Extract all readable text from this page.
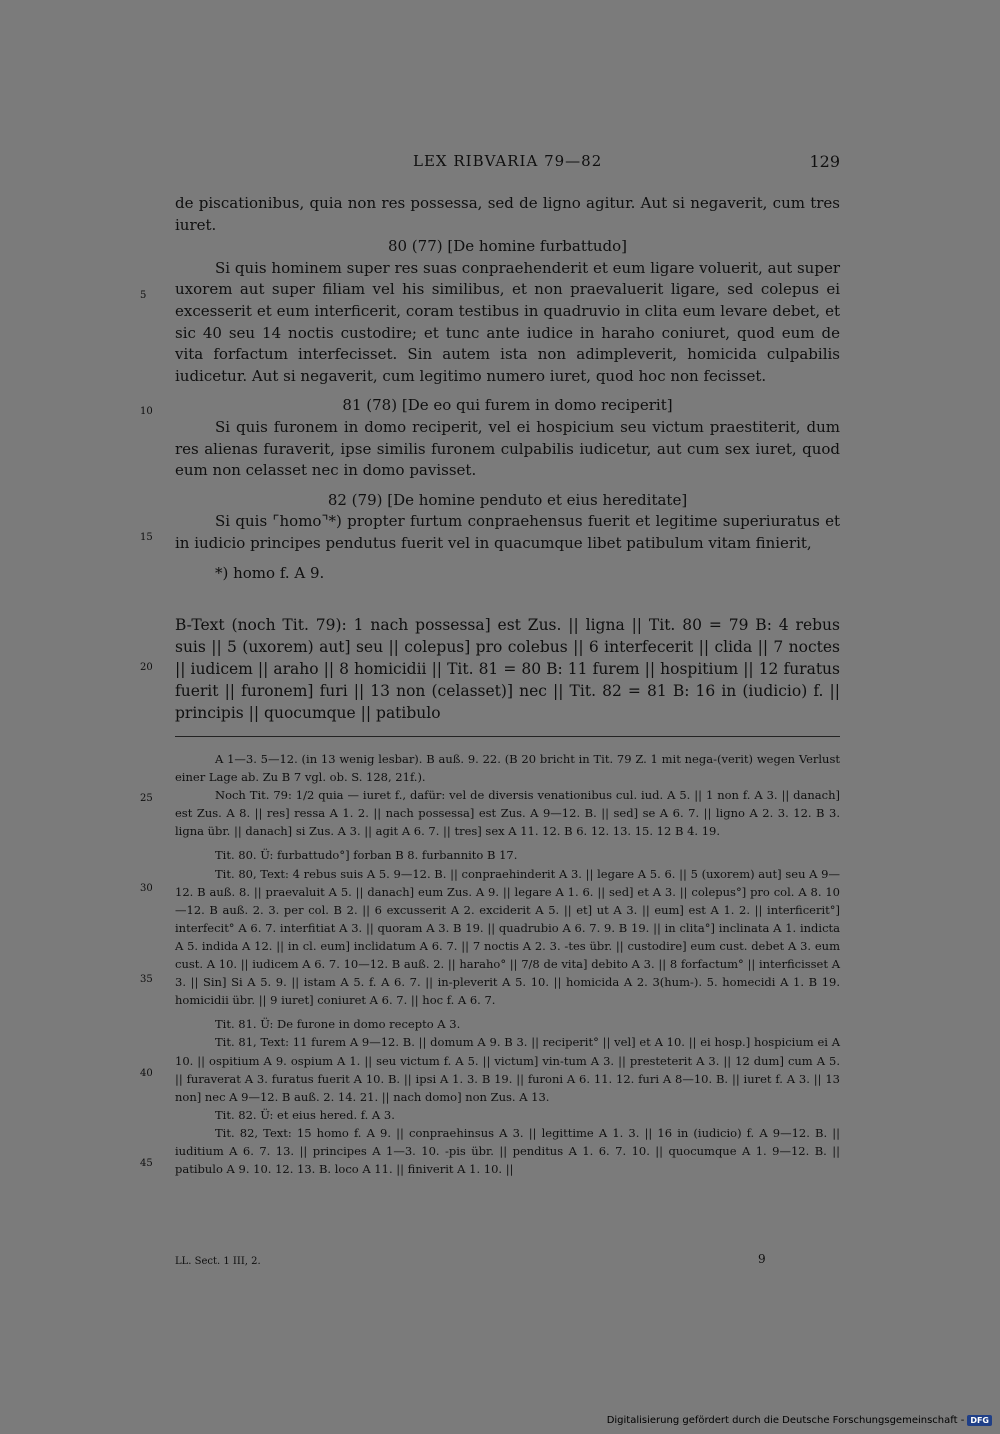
LEX RIBVARIA 79—82	129

de piscationibus, quia non res possessa, sed de ligno agitur. Aut si negaverit, cum tres iuret.

80 (77) [De homine furbattudo]

Si quis hominem super res suas conpraehenderit et eum ligare voluerit, aut super uxorem aut super filiam vel his similibus, et non praevaluerit ligare, sed colepus ei excesserit et eum interficerit, coram testibus in quadruvio in clita eum levare debet, et sic 40 seu 14 noctis custodire; et tunc ante iudice in haraho coniuret, quod eum de vita forfactum interfecisset. Sin autem ista non adimpleverit, homicida culpabilis iudicetur. Aut si negaverit, cum legitimo numero iuret, quod hoc non fecisset.

81 (78) [De eo qui furem in domo reciperit]

Si quis furonem in domo reciperit, vel ei hospicium seu victum praestiterit, dum res alienas furaverit, ipse similis furonem culpabilis iudicetur, aut cum sex iuret, quod eum non celasset nec in domo pavisset.

82 (79) [De homine penduto et eius hereditate]

Si quis ⌜homo⌝*) propter furtum conpraehensus fuerit et legitime superiuratus et in iudicio principes pendutus fuerit vel in quacumque libet patibulum vitam finierit,

*) homo f. A 9.

5
10
15
20
25
30
35
40
45

B-Text (noch Tit. 79): 1 nach possessa] est Zus. || ligna || Tit. 80 = 79 B: 4 rebus suis || 5 (uxorem) aut] seu || colepus] pro colebus || 6 interfecerit || clida || 7 noctes || iudicem || araho || 8 homicidii || Tit. 81 = 80 B: 11 furem || hospitium || 12 furatus fuerit || furonem] furi || 13 non (celasset)] nec || Tit. 82 = 81 B: 16 in (iudicio) f. || principis || quocumque || patibulo

A 1—3. 5—12. (in 13 wenig lesbar). B auß. 9. 22. (B 20 bricht in Tit. 79 Z. 1 mit nega-(verit) wegen Verlust einer Lage ab. Zu B 7 vgl. ob. S. 128, 21f.).

Noch Tit. 79: 1/2 quia — iuret f., dafür: vel de diversis venationibus cul. iud. A 5. || 1 non f. A 3. || danach] est Zus. A 8. || res] ressa A 1. 2. || nach possessa] est Zus. A 9—12. B. || sed] se A 6. 7. || ligno A 2. 3. 12. B 3. ligna übr. || danach] si Zus. A 3. || agit A 6. 7. || tres] sex A 11. 12. B 6. 12. 13. 15. 12 B 4. 19.

Tit. 80. Ü: furbattudo°] forban B 8. furbannito B 17.

Tit. 80, Text: 4 rebus suis A 5. 9—12. B. || conpraehinderit A 3. || legare A 5. 6. || 5 (uxorem) aut] seu A 9—12. B auß. 8. || praevaluit A 5. || danach] eum Zus. A 9. || legare A 1. 6. || sed] et A 3. || colepus°] pro col. A 8. 10—12. B auß. 2. 3. per col. B 2. || 6 excusserit A 2. exciderit A 5. || et] ut A 3. || eum] est A 1. 2. || interficerit°] interfecit° A 6. 7. interfitiat A 3. || quoram A 3. B 19. || quadrubio A 6. 7. 9. B 19. || in clita°] inclinata A 1. indicta A 5. indida A 12. || in cl. eum] inclidatum A 6. 7. || 7 noctis A 2. 3. -tes übr. || custodire] eum cust. debet A 3. eum cust. A 10. || iudicem A 6. 7. 10—12. B auß. 2. || haraho° || 7/8 de vita] debito A 3. || 8 forfactum° || interficisset A 3. || Sin] Si A 5. 9. || istam A 5. f. A 6. 7. || in-pleverit A 5. 10. || homicida A 2. 3(hum-). 5. homecidi A 1. B 19. homicidii übr. || 9 iuret] coniuret A 6. 7. || hoc f. A 6. 7.

Tit. 81. Ü: De furone in domo recepto A 3.

Tit. 81, Text: 11 furem A 9—12. B. || domum A 9. B 3. || reciperit° || vel] et A 10. || ei hosp.] hospicium ei A 10. || ospitium A 9. ospium A 1. || seu victum f. A 5. || victum] vin-tum A 3. || presteterit A 3. || 12 dum] cum A 5. || furaverat A 3. furatus fuerit A 10. B. || ipsi A 1. 3. B 19. || furoni A 6. 11. 12. furi A 8—10. B. || iuret f. A 3. || 13 non] nec A 9—12. B auß. 2. 14. 21. || nach domo] non Zus. A 13.

Tit. 82. Ü: et eius hered. f. A 3.

Tit. 82, Text: 15 homo f. A 9. || conpraehinsus A 3. || legittime A 1. 3. || 16 in (iudicio) f. A 9—12. B. || iuditium A 6. 7. 13. || principes A 1—3. 10. -pis übr. || penditus A 1. 6. 7. 10. || quocumque A 1. 9—12. B. || patibulo A 9. 10. 12. 13. B. loco A 11. || finiverit A 1. 10. ||

LL. Sect. 1 III, 2.	9
Digitalisierung gefördert durch die Deutsche Forschungsgemeinschaft - DFG
